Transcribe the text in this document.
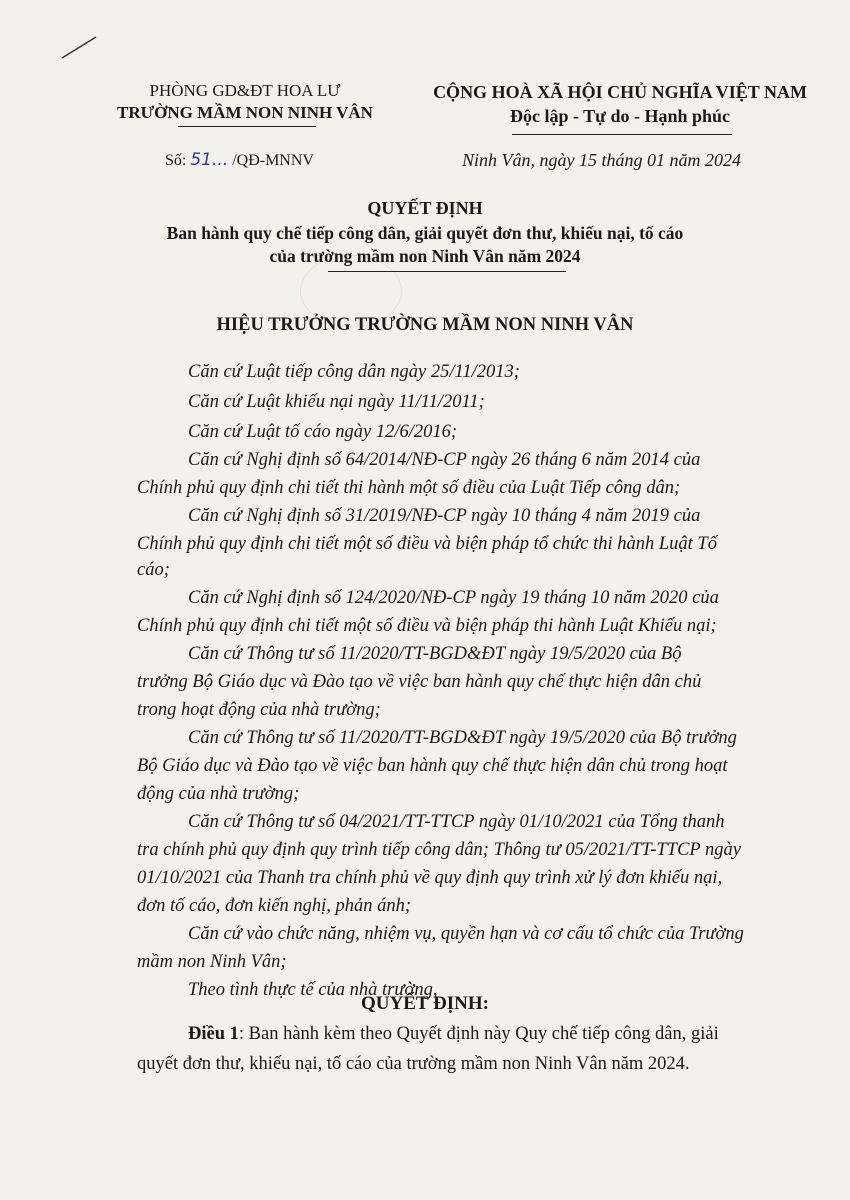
PHÒNG GD&ĐT HOA LƯ
TRƯỜNG MẦM NON NINH VÂN
CỘNG HOÀ XÃ HỘI CHỦ NGHĨA VIỆT NAM
Độc lập - Tự do - Hạnh phúc
Số: 51... /QĐ-MNNV	Ninh Vân, ngày 15 tháng 01 năm 2024
QUYẾT ĐỊNH
Ban hành quy chế tiếp công dân, giải quyết đơn thư, khiếu nại, tố cáo
của trường mầm non Ninh Vân năm 2024
HIỆU TRƯỞNG TRƯỜNG MẦM NON NINH VÂN
Căn cứ Luật tiếp công dân ngày 25/11/2013;
Căn cứ Luật khiếu nại ngày 11/11/2011;
Căn cứ Luật tố cáo ngày 12/6/2016;
Căn cứ Nghị định số 64/2014/NĐ-CP ngày 26 tháng 6 năm 2014 của
Chính phủ quy định chi tiết thi hành một số điều của Luật Tiếp công dân;
Căn cứ Nghị định số 31/2019/NĐ-CP ngày 10 tháng 4 năm 2019 của
Chính phủ quy định chi tiết một số điều và biện pháp tổ chức thi hành Luật Tố
cáo;
Căn cứ Nghị định số 124/2020/NĐ-CP ngày 19 tháng 10 năm 2020 của
Chính phủ quy định chi tiết một số điều và biện pháp thi hành Luật Khiếu nại;
Căn cứ Thông tư số 11/2020/TT-BGD&ĐT ngày 19/5/2020 của Bộ
trưởng Bộ Giáo dục và Đào tạo về việc ban hành quy chế thực hiện dân chủ
trong hoạt động của nhà trường;
Căn cứ Thông tư số 11/2020/TT-BGD&ĐT ngày 19/5/2020 của Bộ trưởng
Bộ Giáo dục và Đào tạo về việc ban hành quy chế thực hiện dân chủ trong hoạt
động của nhà trường;
Căn cứ Thông tư số 04/2021/TT-TTCP ngày 01/10/2021 của Tổng thanh
tra chính phủ quy định quy trình tiếp công dân; Thông tư 05/2021/TT-TTCP ngày
01/10/2021 của Thanh tra chính phủ về quy định quy trình xử lý đơn khiếu nại,
đơn tố cáo, đơn kiến nghị, phản ánh;
Căn cứ vào chức năng, nhiệm vụ, quyền hạn và cơ cấu tổ chức của Trường
mầm non Ninh Vân;
Theo tình thực tế của nhà trường,
QUYẾT ĐỊNH:
Điều 1: Ban hành kèm theo Quyết định này Quy chế tiếp công dân, giải
quyết đơn thư, khiếu nại, tố cáo của trường mầm non Ninh Vân năm 2024.
